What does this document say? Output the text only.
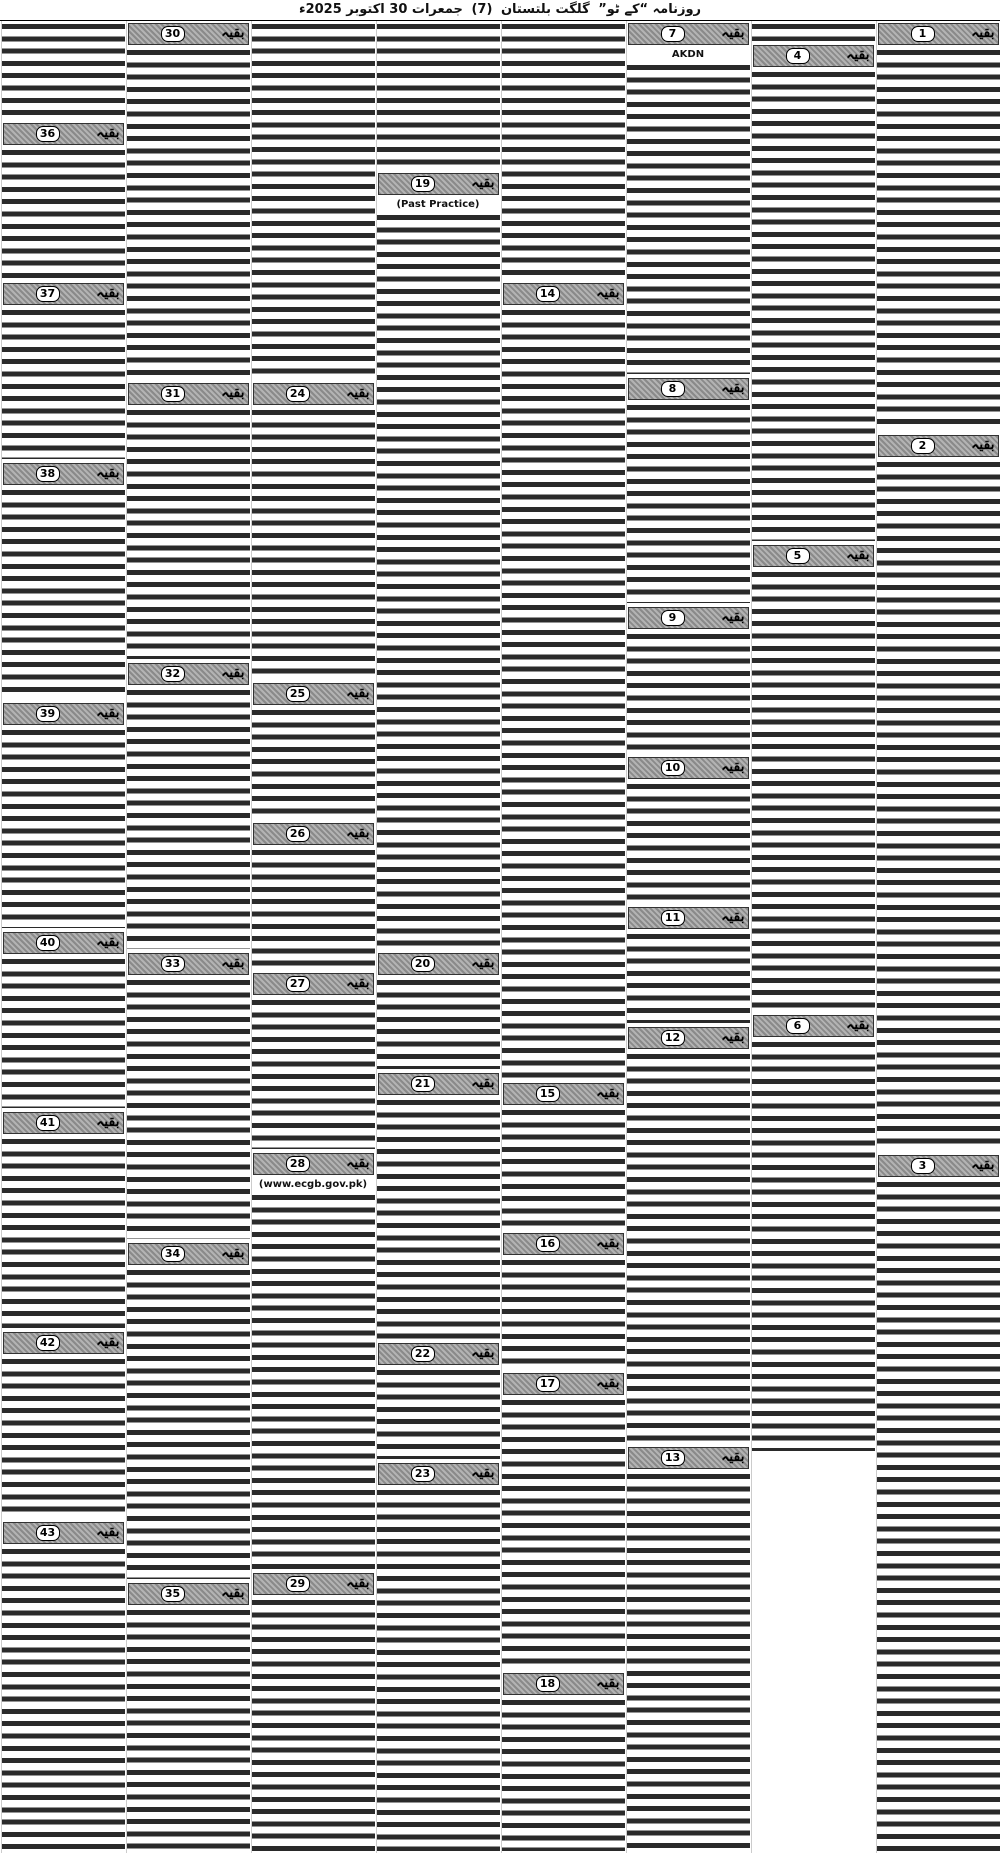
روزنامہ “کے ٹو” گلگت بلتستان (7) جمعرات 30 اکتوبر 2025ء
بقیہ
1
بقیہ
2
بقیہ
3
بقیہ
4
بقیہ
5
بقیہ
6
بقیہ
7
AKDN
بقیہ
8
بقیہ
9
بقیہ
10
بقیہ
11
بقیہ
12
بقیہ
13
بقیہ
14
بقیہ
15
بقیہ
16
بقیہ
17
بقیہ
18
بقیہ
19
(Past Practice)
بقیہ
20
بقیہ
21
بقیہ
22
بقیہ
23
بقیہ
24
بقیہ
25
بقیہ
26
بقیہ
27
بقیہ
28
(www.ecgb.gov.pk)
بقیہ
29
بقیہ
30
بقیہ
31
بقیہ
32
بقیہ
33
بقیہ
34
بقیہ
35
بقیہ
36
بقیہ
37
بقیہ
38
بقیہ
39
بقیہ
40
بقیہ
41
بقیہ
42
بقیہ
43
